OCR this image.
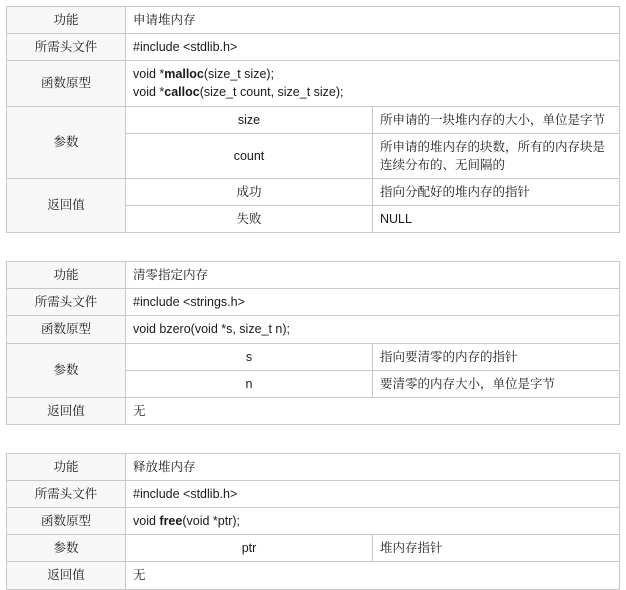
功能	申请堆内存	
所需头文件	#include <stdlib.h>	
函数原型	void *malloc(size_t size);
void *calloc(size_t count, size_t size);	

参数	size	所申请的一块堆内存的大小，单位是字节
	count	所申请的堆内存的块数，所有的内存块是连续分布的、无间隔的
返回值	成功	指向分配好的堆内存的指针
	失败	NULL
功能	清零指定内存	
所需头文件	#include <strings.h>	
函数原型	void bzero(void *s, size_t n);	

参数	s	指向要清零的内存的指针
	n	要清零的内存大小，单位是字节
返回值	无	
功能	释放堆内存	
所需头文件	#include <stdlib.h>	
函数原型	void free(void *ptr);	

参数	ptr	堆内存指针
返回值	无	
